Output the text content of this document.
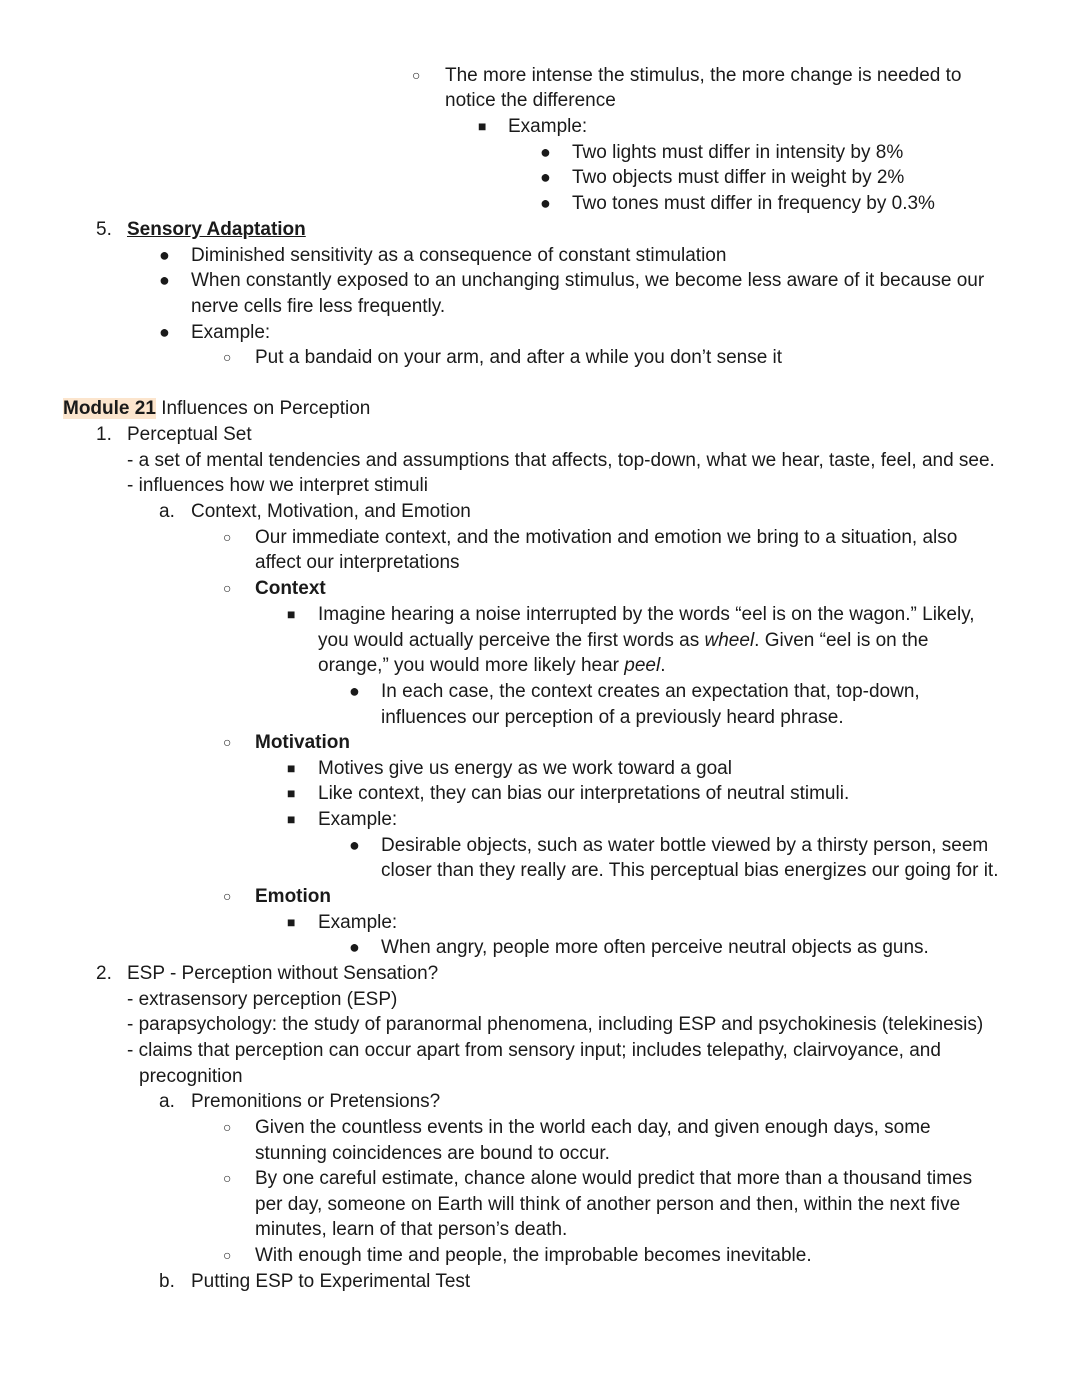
○ The more intense the stimulus, the more change is needed to
notice the difference
■ Example:
● Two lights must differ in intensity by 8%
● Two objects must differ in weight by 2%
● Two tones must differ in frequency by 0.3%
5. Sensory Adaptation
● Diminished sensitivity as a consequence of constant stimulation
● When constantly exposed to an unchanging stimulus, we become less aware of it because our
nerve cells fire less frequently.
● Example:
○ Put a bandaid on your arm, and after a while you don’t sense it
Module 21 Influences on Perception
1. Perceptual Set
- a set of mental tendencies and assumptions that affects, top-down, what we hear, taste, feel, and see.
- influences how we interpret stimuli
a. Context, Motivation, and Emotion
○ Our immediate context, and the motivation and emotion we bring to a situation, also
affect our interpretations
○ Context
■ Imagine hearing a noise interrupted by the words “eel is on the wagon.” Likely,
you would actually perceive the first words as wheel. Given “eel is on the
orange,” you would more likely hear peel.
● In each case, the context creates an expectation that, top-down,
influences our perception of a previously heard phrase.
○ Motivation
■ Motives give us energy as we work toward a goal
■ Like context, they can bias our interpretations of neutral stimuli.
■ Example:
● Desirable objects, such as water bottle viewed by a thirsty person, seem
closer than they really are. This perceptual bias energizes our going for it.
○ Emotion
■ Example:
● When angry, people more often perceive neutral objects as guns.
2. ESP - Perception without Sensation?
- extrasensory perception (ESP)
- parapsychology: the study of paranormal phenomena, including ESP and psychokinesis (telekinesis)
- claims that perception can occur apart from sensory input; includes telepathy, clairvoyance, and
precognition
a. Premonitions or Pretensions?
○ Given the countless events in the world each day, and given enough days, some
stunning coincidences are bound to occur.
○ By one careful estimate, chance alone would predict that more than a thousand times
per day, someone on Earth will think of another person and then, within the next five
minutes, learn of that person’s death.
○ With enough time and people, the improbable becomes inevitable.
b. Putting ESP to Experimental Test
